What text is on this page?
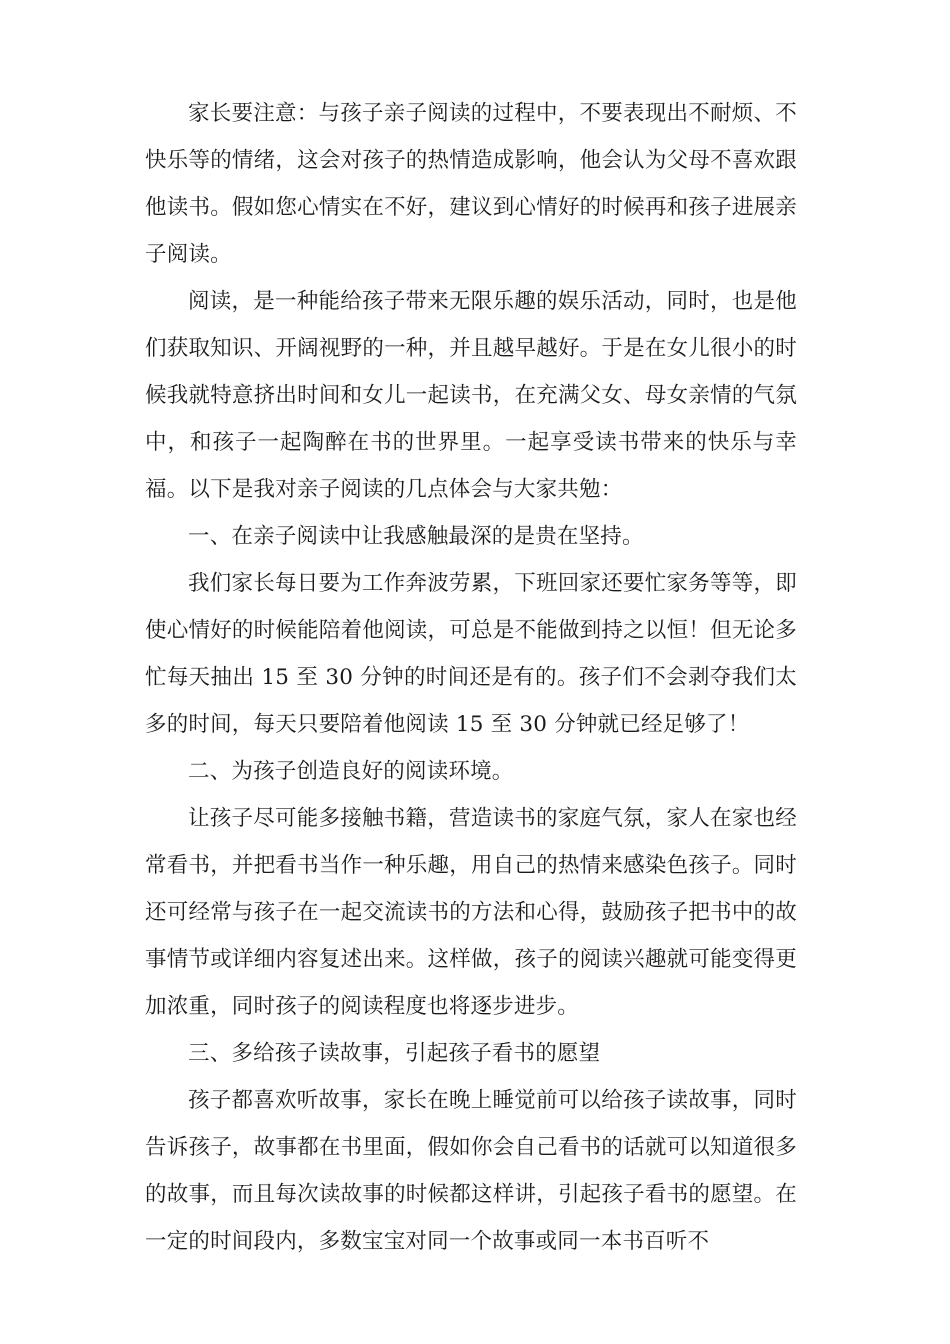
家长要注意：与孩子亲子阅读的过程中，不要表现出不耐烦、不快乐等的情绪，这会对孩子的热情造成影响，他会认为父母不喜欢跟他读书。假如您心情实在不好，建议到心情好的时候再和孩子进展亲子阅读。

阅读，是一种能给孩子带来无限乐趣的娱乐活动，同时，也是他们获取知识、开阔视野的一种，并且越早越好。于是在女儿很小的时候我就特意挤出时间和女儿一起读书，在充满父女、母女亲情的气氛中，和孩子一起陶醉在书的世界里。一起享受读书带来的快乐与幸福。以下是我对亲子阅读的几点体会与大家共勉：

一、在亲子阅读中让我感触最深的是贵在坚持。

我们家长每日要为工作奔波劳累，下班回家还要忙家务等等，即使心情好的时候能陪着他阅读，可总是不能做到持之以恒！但无论多忙每天抽出 15 至 30 分钟的时间还是有的。孩子们不会剥夺我们太多的时间，每天只要陪着他阅读 15 至 30 分钟就已经足够了！

二、为孩子创造良好的阅读环境。

让孩子尽可能多接触书籍，营造读书的家庭气氛，家人在家也经常看书，并把看书当作一种乐趣，用自己的热情来感染色孩子。同时还可经常与孩子在一起交流读书的方法和心得，鼓励孩子把书中的故事情节或详细内容复述出来。这样做，孩子的阅读兴趣就可能变得更加浓重，同时孩子的阅读程度也将逐步进步。

三、多给孩子读故事，引起孩子看书的愿望

孩子都喜欢听故事，家长在晚上睡觉前可以给孩子读故事，同时告诉孩子，故事都在书里面，假如你会自己看书的话就可以知道很多的故事，而且每次读故事的时候都这样讲，引起孩子看书的愿望。在一定的时间段内，多数宝宝对同一个故事或同一本书百听不
